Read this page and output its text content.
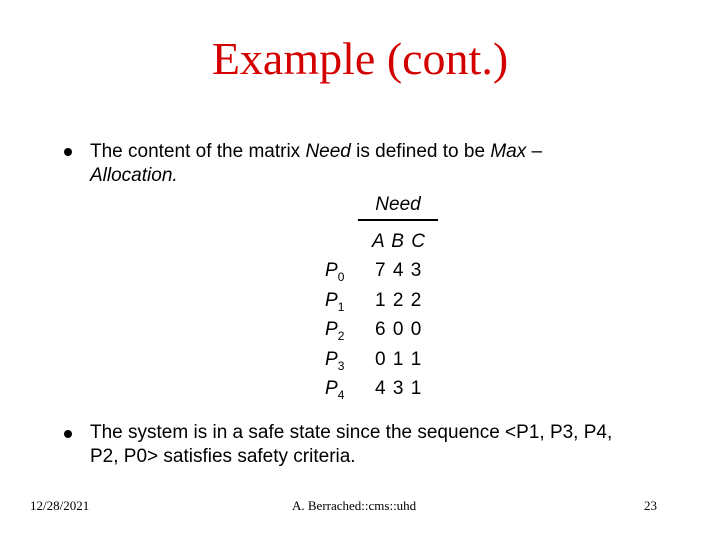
Example (cont.)
The content of the matrix Need is defined to be Max –
Allocation.
Need
A B C
$P_0$	7 4 3
$P_1$	1 2 2
$P_2$	6 0 0
$P_3$	0 1 1
$P_4$	4 3 1
The system is in a safe state since the sequence <P1, P3, P4,
P2, P0> satisfies safety criteria.
12/28/2021	A. Berrached::cms::uhd	23
